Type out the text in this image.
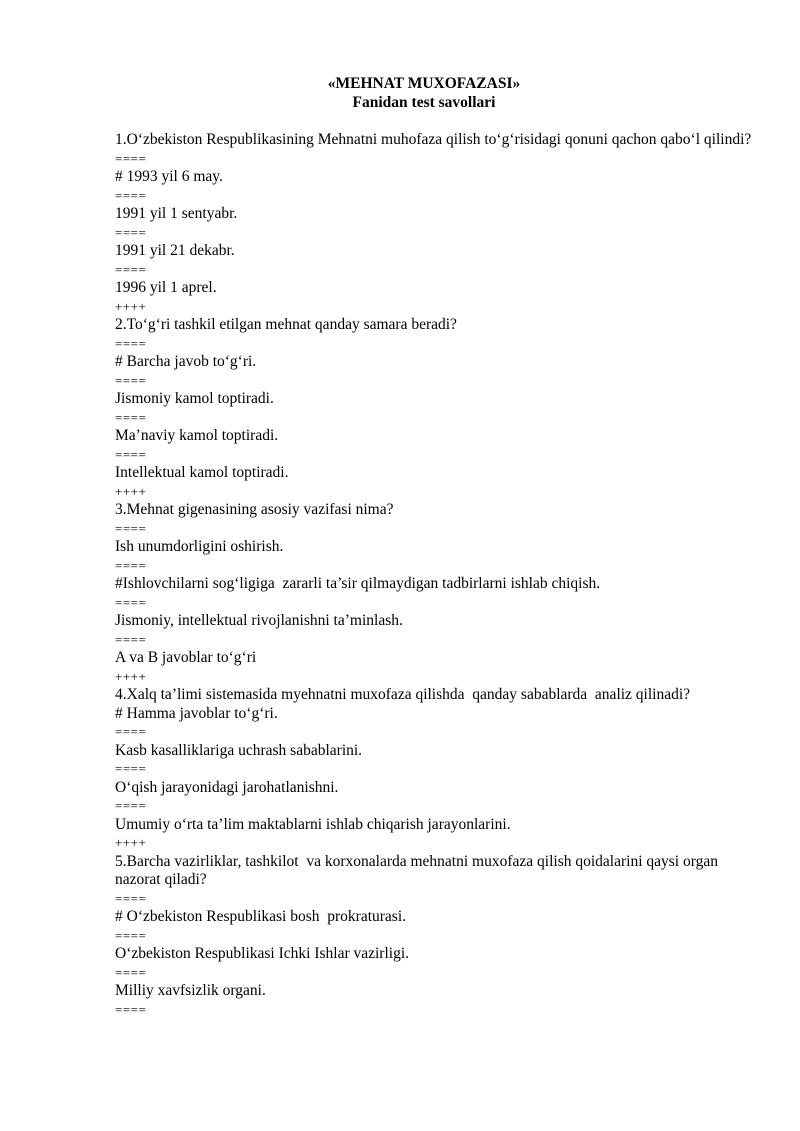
«MEHNAT MUXOFAZASI»
Fanidan test savollari
1.O‘zbekiston Respublikasining Mehnatni muhofaza qilish to‘g‘risidagi qonuni qachon qabo‘l qilindi?
====
# 1993 yil 6 may.
====
1991 yil 1 sentyabr.
====
1991 yil 21 dekabr.
====
1996 yil 1 aprel.
++++
2.To‘g‘ri tashkil etilgan mehnat qanday samara beradi?
====
# Barcha javob to‘g‘ri.
====
Jismoniy kamol toptiradi.
====
Ma’naviy kamol toptiradi.
====
Intellektual kamol toptiradi.
++++
3.Mehnat gigenasining asosiy vazifasi nima?
====
Ish unumdorligini oshirish.
====
#Ishlovchilarni sog‘ligiga  zararli ta’sir qilmaydigan tadbirlarni ishlab chiqish.
====
Jismoniy, intellektual rivojlanishni ta’minlash.
====
A va B javoblar to‘g‘ri
++++
4.Xalq ta’limi sistemasida myehnatni muxofaza qilishda  qanday sabablarda  analiz qilinadi?
# Hamma javoblar to‘g‘ri.
====
Kasb kasalliklariga uchrash sabablarini.
====
O‘qish jarayonidagi jarohatlanishni.
====
Umumiy o‘rta ta’lim maktablarni ishlab chiqarish jarayonlarini.
++++
5.Barcha vazirliklar, tashkilot  va korxonalarda mehnatni muxofaza qilish qoidalarini qaysi organ nazorat qiladi?
====
# O‘zbekiston Respublikasi bosh  prokraturasi.
====
O‘zbekiston Respublikasi Ichki Ishlar vazirligi.
====
Milliy xavfsizlik organi.
====
